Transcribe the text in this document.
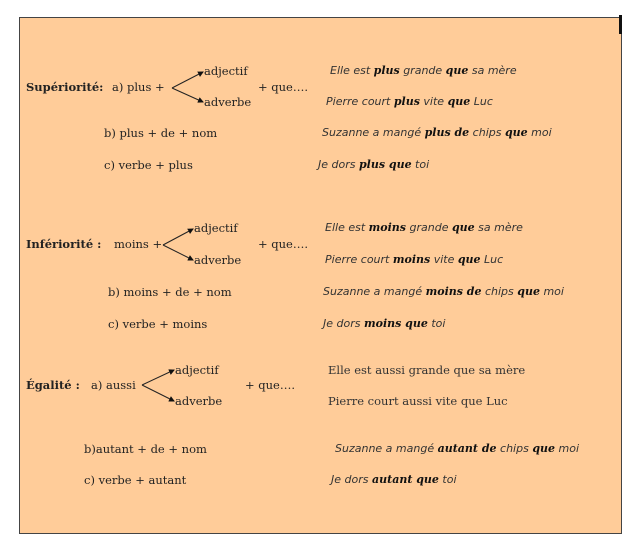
Supériorité: a) plus +
adjectif
adverbe
+ que….
b) plus + de + nom
c) verbe + plus
Elle est plus grande que sa mère
Pierre court plus vite que Luc
Suzanne a mangé plus de chips que moi
Je dors plus que toi
Infériorité : moins +
adjectif
adverbe
+ que….
b) moins + de + nom
c) verbe + moins
Elle est moins grande que sa mère
Pierre court moins vite que Luc
Suzanne a mangé moins de chips que moi
Je dors moins que toi
Égalité : a) aussi
adjectif
adverbe
+ que….
b)autant + de + nom
c) verbe + autant
Elle est aussi grande que sa mère
Pierre court aussi vite que Luc
Suzanne a mangé autant de chips que moi
Je dors autant que toi
